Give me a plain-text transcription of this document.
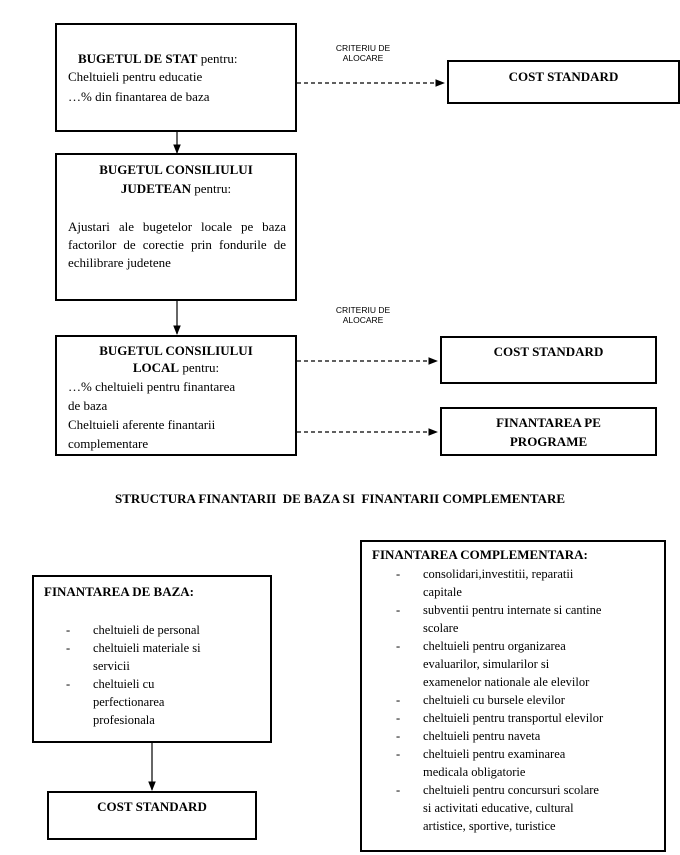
BUGETUL DE STAT pentru:
Cheltuieli pentru educatie
…% din finantarea de baza
CRITERIU DE
ALOCARE
COST STANDARD
BUGETUL CONSILIULUI
JUDETEAN pentru:
Ajustari ale bugetelor locale pe baza factorilor de corectie prin fondurile de echilibrare judetene
CRITERIU DE
ALOCARE
BUGETUL CONSILIULUI
LOCAL pentru:
…% cheltuieli pentru finantarea
de baza
Cheltuieli aferente finantarii
complementare
COST STANDARD
FINANTAREA PE
PROGRAME
STRUCTURA FINANTARII  DE BAZA SI  FINANTARII COMPLEMENTARE
FINANTAREA DE BAZA:
- cheltuieli de personal
- cheltuieli materiale si
servicii
- cheltuieli cu
perfectionarea
profesionala
COST STANDARD
FINANTAREA COMPLEMENTARA:
- consolidari,investitii, reparatii
capitale
- subventii pentru internate si cantine
scolare
- cheltuieli pentru organizarea
evaluarilor, simularilor si
examenelor nationale ale elevilor
- cheltuieli cu bursele elevilor
- cheltuieli pentru transportul elevilor
- cheltuieli pentru naveta
- cheltuieli pentru examinarea
medicala obligatorie
- cheltuieli pentru concursuri scolare
si activitati educative, cultural
artistice, sportive, turistice
